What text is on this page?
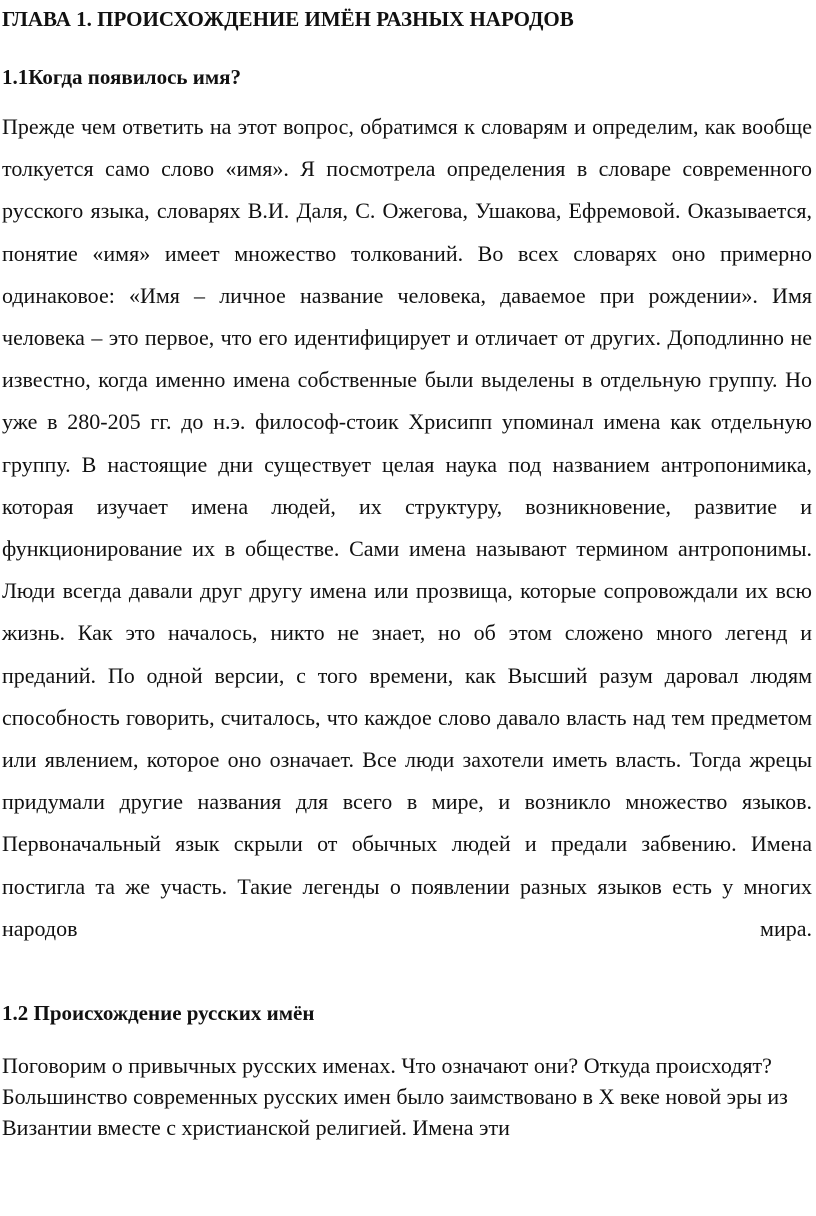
ГЛАВА 1. ПРОИСХОЖДЕНИЕ ИМЁН РАЗНЫХ НАРОДОВ
1.1Когда появилось имя?

Прежде чем ответить на этот вопрос, обратимся к словарям и определим, как вообще толкуется само слово «имя». Я посмотрела определения в словаре современного русского языка, словарях В.И. Даля, С. Ожегова, Ушакова, Ефремовой. Оказывается, понятие «имя» имеет множество толкований. Во всех словарях оно примерно одинаковое: «Имя – личное название человека, даваемое при рождении». Имя человека – это первое, что его идентифицирует и отличает от других. Доподлинно не известно, когда именно имена собственные были выделены в отдельную группу. Но уже в 280-205 гг. до н.э. философ-стоик Хрисипп упоминал имена как отдельную группу. В настоящие дни существует целая наука под названием антропонимика, которая изучает имена людей, их структуру, возникновение, развитие и функционирование их в обществе. Сами имена называют термином антропонимы. Люди всегда давали друг другу имена или прозвища, которые сопровождали их всю жизнь. Как это началось, никто не знает, но об этом сложено много легенд и преданий. По одной версии, с того времени, как Высший разум даровал людям способность говорить, считалось, что каждое слово давало власть над тем предметом или явлением, которое оно означает. Все люди захотели иметь власть. Тогда жрецы придумали другие названия для всего в мире, и возникло множество языков. Первоначальный язык скрыли от обычных людей и предали забвению. Имена постигла та же участь. Такие легенды о появлении разных языков есть у многих народов мира.

1.2 Происхождение русских имён

Поговорим о привычных русских именах. Что означают они? Откуда происходят? Большинство современных русских имен было заимствовано в X веке новой эры из Византии вместе с христианской религией. Имена эти
